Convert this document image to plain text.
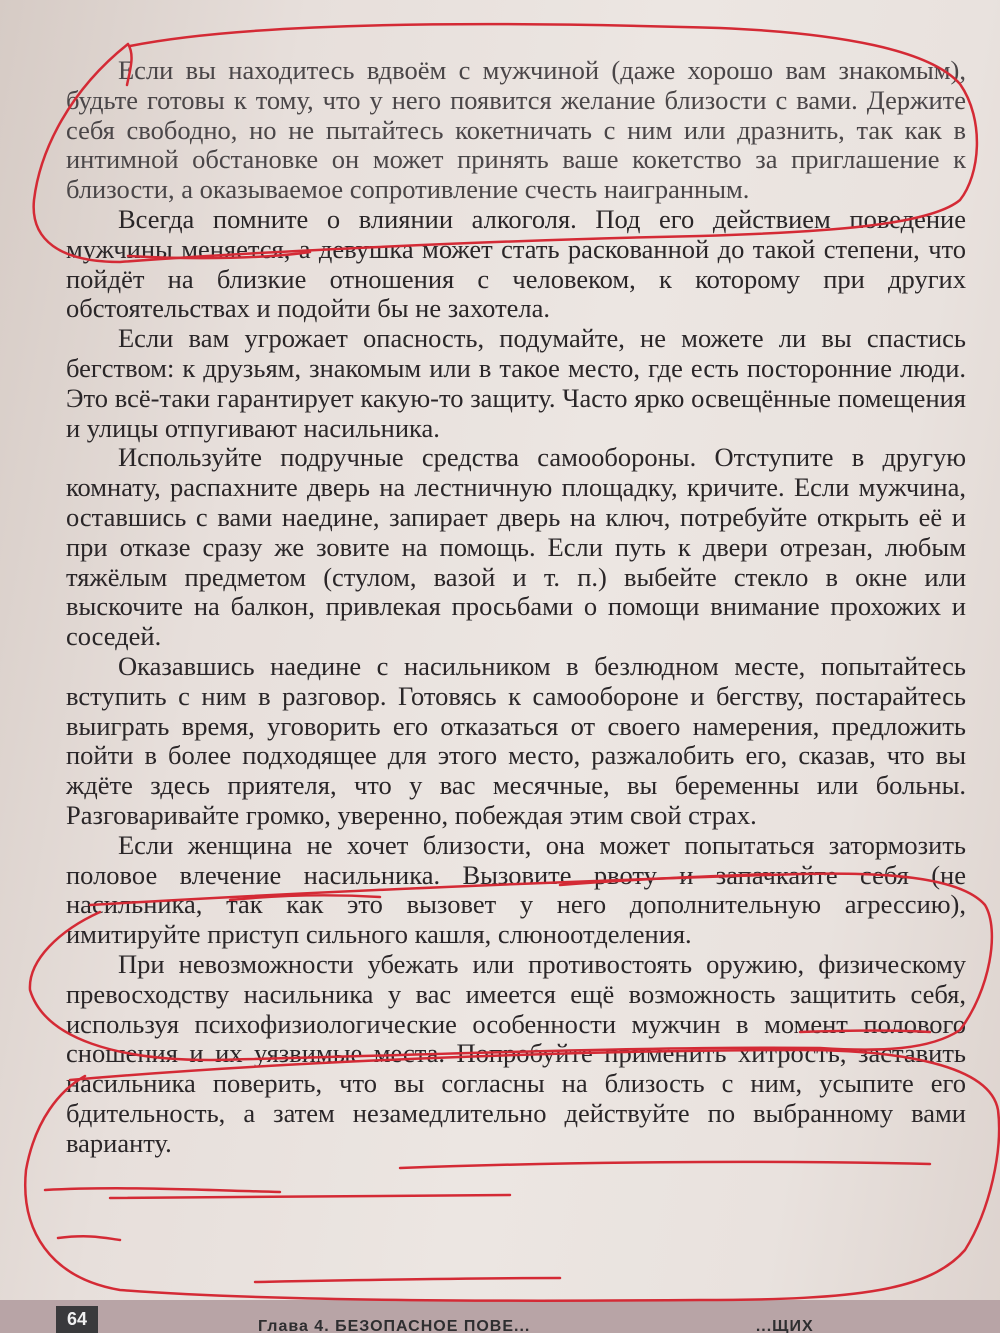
Если вы находитесь вдвоём с мужчиной (даже хорошо вам знакомым), будьте готовы к тому, что у него появится желание близости с вами. Держите себя свободно, но не пытайтесь кокетничать с ним или дразнить, так как в интимной обстановке он может принять ваше кокетство за приглашение к близости, а оказываемое сопротивление счесть наигранным.

Всегда помните о влиянии алкоголя. Под его действием поведение мужчины меняется, а девушка может стать раскованной до такой степени, что пойдёт на близкие отношения с человеком, к которому при других обстоятельствах и подойти бы не захотела.

Если вам угрожает опасность, подумайте, не можете ли вы спастись бегством: к друзьям, знакомым или в такое место, где есть посторонние люди. Это всё-таки гарантирует какую-то защиту. Часто ярко освещённые помещения и улицы отпугивают насильника.

Используйте подручные средства самообороны. Отступите в другую комнату, распахните дверь на лестничную площадку, кричите. Если мужчина, оставшись с вами наедине, запирает дверь на ключ, потребуйте открыть её и при отказе сразу же зовите на помощь. Если путь к двери отрезан, любым тяжёлым предметом (стулом, вазой и т. п.) выбейте стекло в окне или выскочите на балкон, привлекая просьбами о помощи внимание прохожих и соседей.

Оказавшись наедине с насильником в безлюдном месте, попытайтесь вступить с ним в разговор. Готовясь к самообороне и бегству, постарайтесь выиграть время, уговорить его отказаться от своего намерения, предложить пойти в более подходящее для этого место, разжалобить его, сказав, что вы ждёте здесь приятеля, что у вас месячные, вы беременны или больны. Разговаривайте громко, уверенно, побеждая этим свой страх.

Если женщина не хочет близости, она может попытаться затормозить половое влечение насильника. Вызовите рвоту и запачкайте себя (не насильника, так как это вызовет у него дополнительную агрессию), имитируйте приступ сильного кашля, слюноотделения.

При невозможности убежать или противостоять оружию, физическому превосходству насильника у вас имеется ещё возможность защитить себя, используя психофизиологические особенности мужчин в момент полового сношения и их уязвимые места. Попробуйте применить хитрость, заставить насильника поверить, что вы согласны на близость с ним, усыпите его бдительность, а затем незамедлительно действуйте по выбранному вами варианту.

64	Глава 4. БЕЗОПАСНОЕ ПОВЕ...	...ЩИХ
